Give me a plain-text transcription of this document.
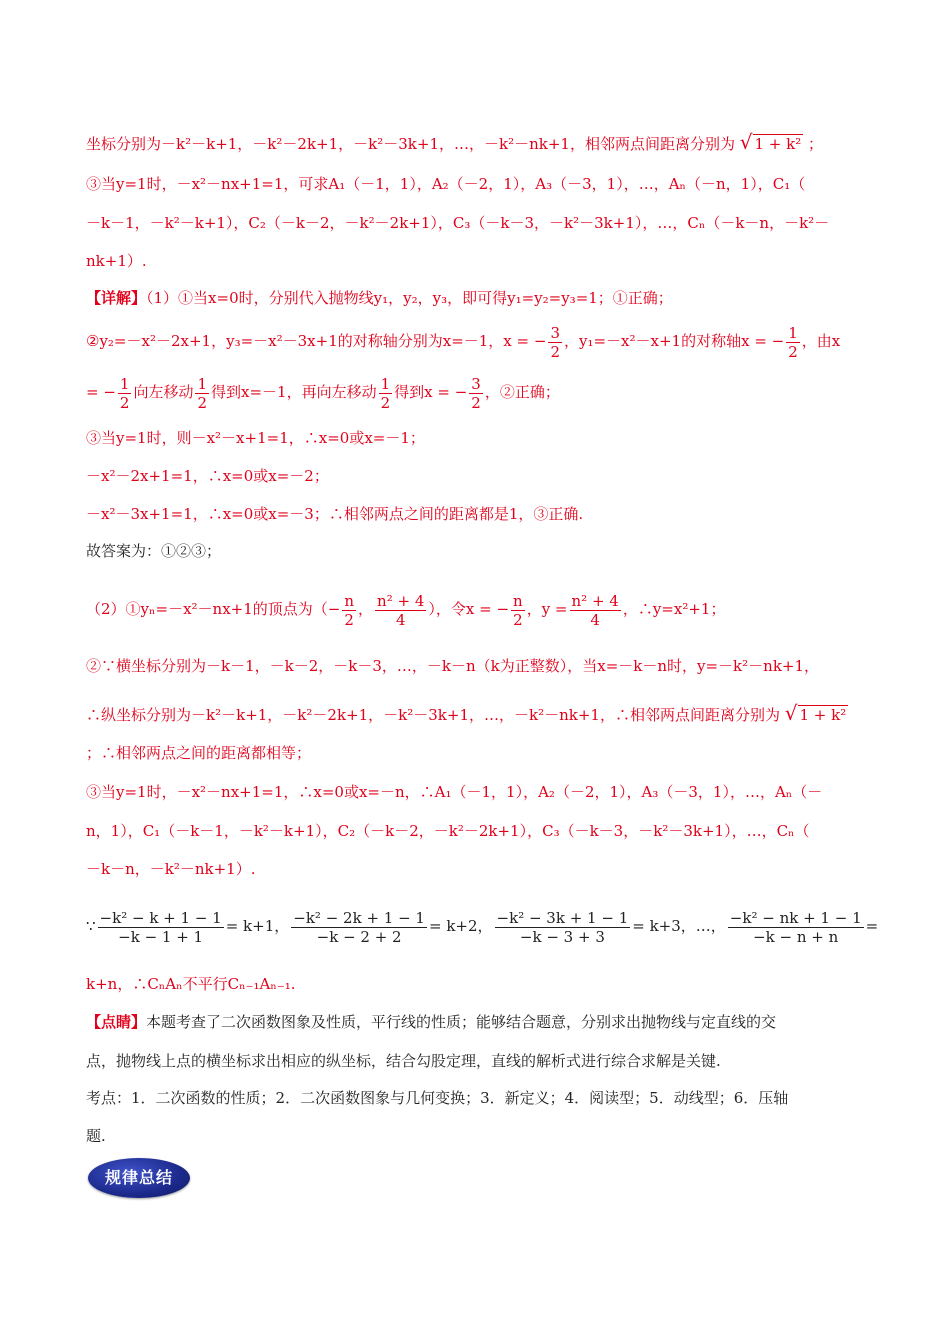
坐标分别为－k²－k+1，－k²－2k+1，－k²－3k+1，…，－k²－nk+1，相邻两点间距离分别为 √ 1 + k² ；
③当y=1时，－x²－nx+1=1，可求A₁（－1，1），A₂（－2，1），A₃（－3，1），…，Aₙ（－n，1），C₁（
－k－1，－k²－k+1），C₂（－k－2，－k²－2k+1），C₃（－k－3，－k²－3k+1），…，Cₙ（－k－n，－k²－
nk+1）.
【详解】（1）①当x=0时，分别代入抛物线y₁，y₂，y₃，即可得y₁=y₂=y₃=1；①正确；
②y₂=－x²－2x+1，y₃=－x²－3x+1的对称轴分别为x=－1，x = − $\frac{3}{2}$ ，y₁=－x²－x+1的对称轴x = − $\frac{1}{2}$ ，由x
= − $\frac{1}{2}$ 向左移动 $\frac{1}{2}$ 得到x=－1，再向左移动 $\frac{1}{2}$ 得到x = − $\frac{3}{2}$ ，②正确；
③当y=1时，则－x²－x+1=1，∴x=0或x=－1；
－x²－2x+1=1，∴x=0或x=－2；
－x²－3x+1=1，∴x=0或x=－3；∴相邻两点之间的距离都是1，③正确.
故答案为：①②③；
（2）①yₙ=－x²－nx+1的顶点为（− $\frac{n}{2}$ ， $\frac{\text{n² + 4}}{4}$ ），令x = − $\frac{n}{2}$ ，$y = \frac{\text{n² + 4}}{4}$ ，∴y=x²+1；
②∵横坐标分别为－k－1，－k－2，－k－3，…，－k－n（k为正整数），当x=－k－n时，y=－k²－nk+1，
∴纵坐标分别为－k²－k+1，－k²－2k+1，－k²－3k+1，…，－k²－nk+1，∴相邻两点间距离分别为 √ 1 + k²
；∴相邻两点之间的距离都相等；
③当y=1时，－x²－nx+1=1，∴x=0或x=－n，∴A₁（－1，1），A₂（－2，1），A₃（－3，1），…，Aₙ（－
n，1），C₁（－k－1，－k²－k+1），C₂（－k－2，－k²－2k+1），C₃（－k－3，－k²－3k+1），…，Cₙ（
－k－n，－k²－nk+1）.
∵ $\frac{\text{−k² − k + 1 − 1}}{-k - 1 + 1} = k+1$， $\frac{\text{−k² − 2k + 1 − 1}}{-k - 2 + 2} = k+2$， $\frac{\text{−k² − 3k + 1 − 1}}{-k - 3 + 3} = k+3$，…， $\frac{\text{−k² − nk + 1 − 1}}{-k - n + n}$ =
k+n，∴CₙAₙ不平行Cₙ₋₁Aₙ₋₁.
【点睛】本题考查了二次函数图象及性质，平行线的性质；能够结合题意，分别求出抛物线与定直线的交
点，抛物线上点的横坐标求出相应的纵坐标，结合勾股定理，直线的解析式进行综合求解是关键.
考点：1．二次函数的性质；2．二次函数图象与几何变换；3．新定义；4．阅读型；5．动线型；6．压轴
题.
规律总结
